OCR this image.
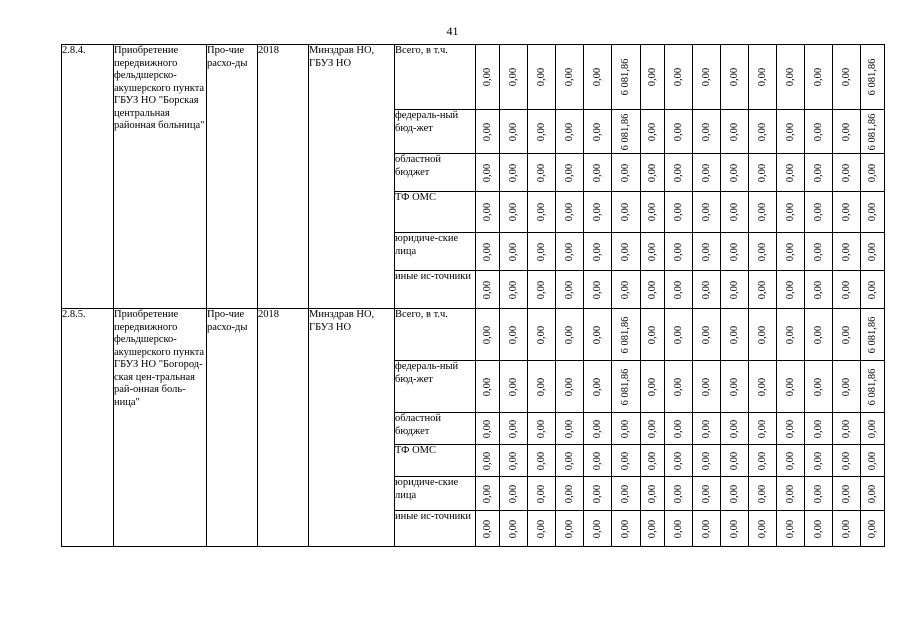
41
2.8.4.	Приобретение передвижного фельдшерско-акушерского пункта ГБУЗ НО "Борская центральная районная больница"	Про-чие расхо-ды	2018	Минздрав НО, ГБУЗ НО	Всего, в т.ч.	0,00	0,00	0,00	0,00	0,00	6 081,86	0,00	0,00	0,00	0,00	0,00	0,00	0,00	0,00	6 081,86

					федераль-ный бюд-жет	0,00	0,00	0,00	0,00	0,00	6 081,86	0,00	0,00	0,00	0,00	0,00	0,00	0,00	0,00	6 081,86

					областной бюджет	0,00	0,00	0,00	0,00	0,00	0,00	0,00	0,00	0,00	0,00	0,00	0,00	0,00	0,00	0,00

					ТФ ОМС	0,00	0,00	0,00	0,00	0,00	0,00	0,00	0,00	0,00	0,00	0,00	0,00	0,00	0,00	0,00

					юридиче-ские лица	0,00	0,00	0,00	0,00	0,00	0,00	0,00	0,00	0,00	0,00	0,00	0,00	0,00	0,00	0,00

					иные ис-точники	0,00	0,00	0,00	0,00	0,00	0,00	0,00	0,00	0,00	0,00	0,00	0,00	0,00	0,00	0,00

2.8.5.	Приобретение передвижного фельдшерско-акушерского пункта ГБУЗ НО "Богород-ская цен-тральная рай-онная боль-ница"	Про-чие расхо-ды	2018	Минздрав НО, ГБУЗ НО	Всего, в т.ч.	0,00	0,00	0,00	0,00	0,00	6 081,86	0,00	0,00	0,00	0,00	0,00	0,00	0,00	0,00	6 081,86

					федераль-ный бюд-жет	0,00	0,00	0,00	0,00	0,00	6 081,86	0,00	0,00	0,00	0,00	0,00	0,00	0,00	0,00	6 081,86

					областной бюджет	0,00	0,00	0,00	0,00	0,00	0,00	0,00	0,00	0,00	0,00	0,00	0,00	0,00	0,00	0,00

					ТФ ОМС	0,00	0,00	0,00	0,00	0,00	0,00	0,00	0,00	0,00	0,00	0,00	0,00	0,00	0,00	0,00

					юридиче-ские лица	0,00	0,00	0,00	0,00	0,00	0,00	0,00	0,00	0,00	0,00	0,00	0,00	0,00	0,00	0,00

					иные ис-точники	0,00	0,00	0,00	0,00	0,00	0,00	0,00	0,00	0,00	0,00	0,00	0,00	0,00	0,00	0,00
